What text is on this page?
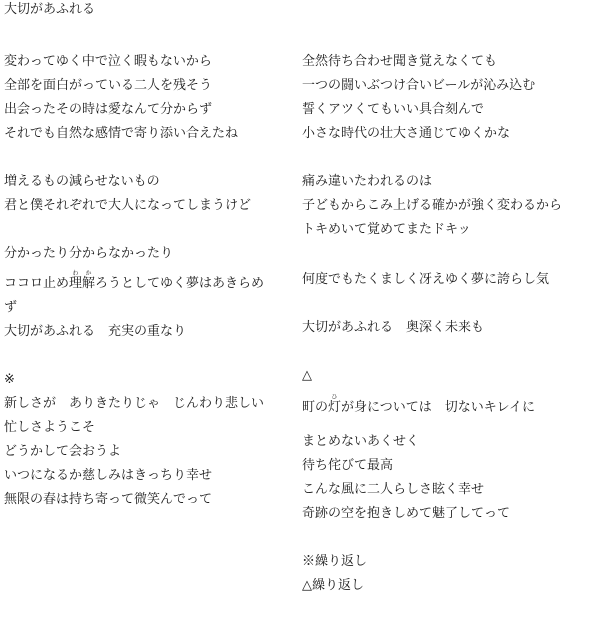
大切があふれる
変わってゆく中で泣く暇もないから
全部を面白がっている二人を残そう
出会ったその時は愛なんて分からず
それでも自然な感情で寄り添い合えたね
増えるもの減らせないもの
君と僕それぞれで大人になってしまうけど
分かったり分からなかったり
ココロ止め理解わかろうとしてゆく夢はあきらめず
大切があふれる　充実の重なり
※
新しさが　ありきたりじゃ　じんわり悲しい
忙しさようこそ
どうかして会おうよ
いつになるか慈しみはきっちり幸せ
無限の春は持ち寄って微笑んでって
全然待ち合わせ聞き覚えなくても
一つの闘いぶつけ合いビールが沁み込む
誓くアツくてもいい具合刻んで
小さな時代の壮大さ通じてゆくかな
痛み違いたわれるのは
子どもからこみ上げる確かが強く変わるから
トキめいて覚めてまたドキッ
何度でもたくましく冴えゆく夢に誇らし気
大切があふれる　奥深く未来も
△
町の灯ひが身については　切ないキレイに
まとめないあくせく
待ち侘びて最高
こんな風に二人らしさ眩く幸せ
奇跡の空を抱きしめて魅了してって
※繰り返し
△繰り返し
